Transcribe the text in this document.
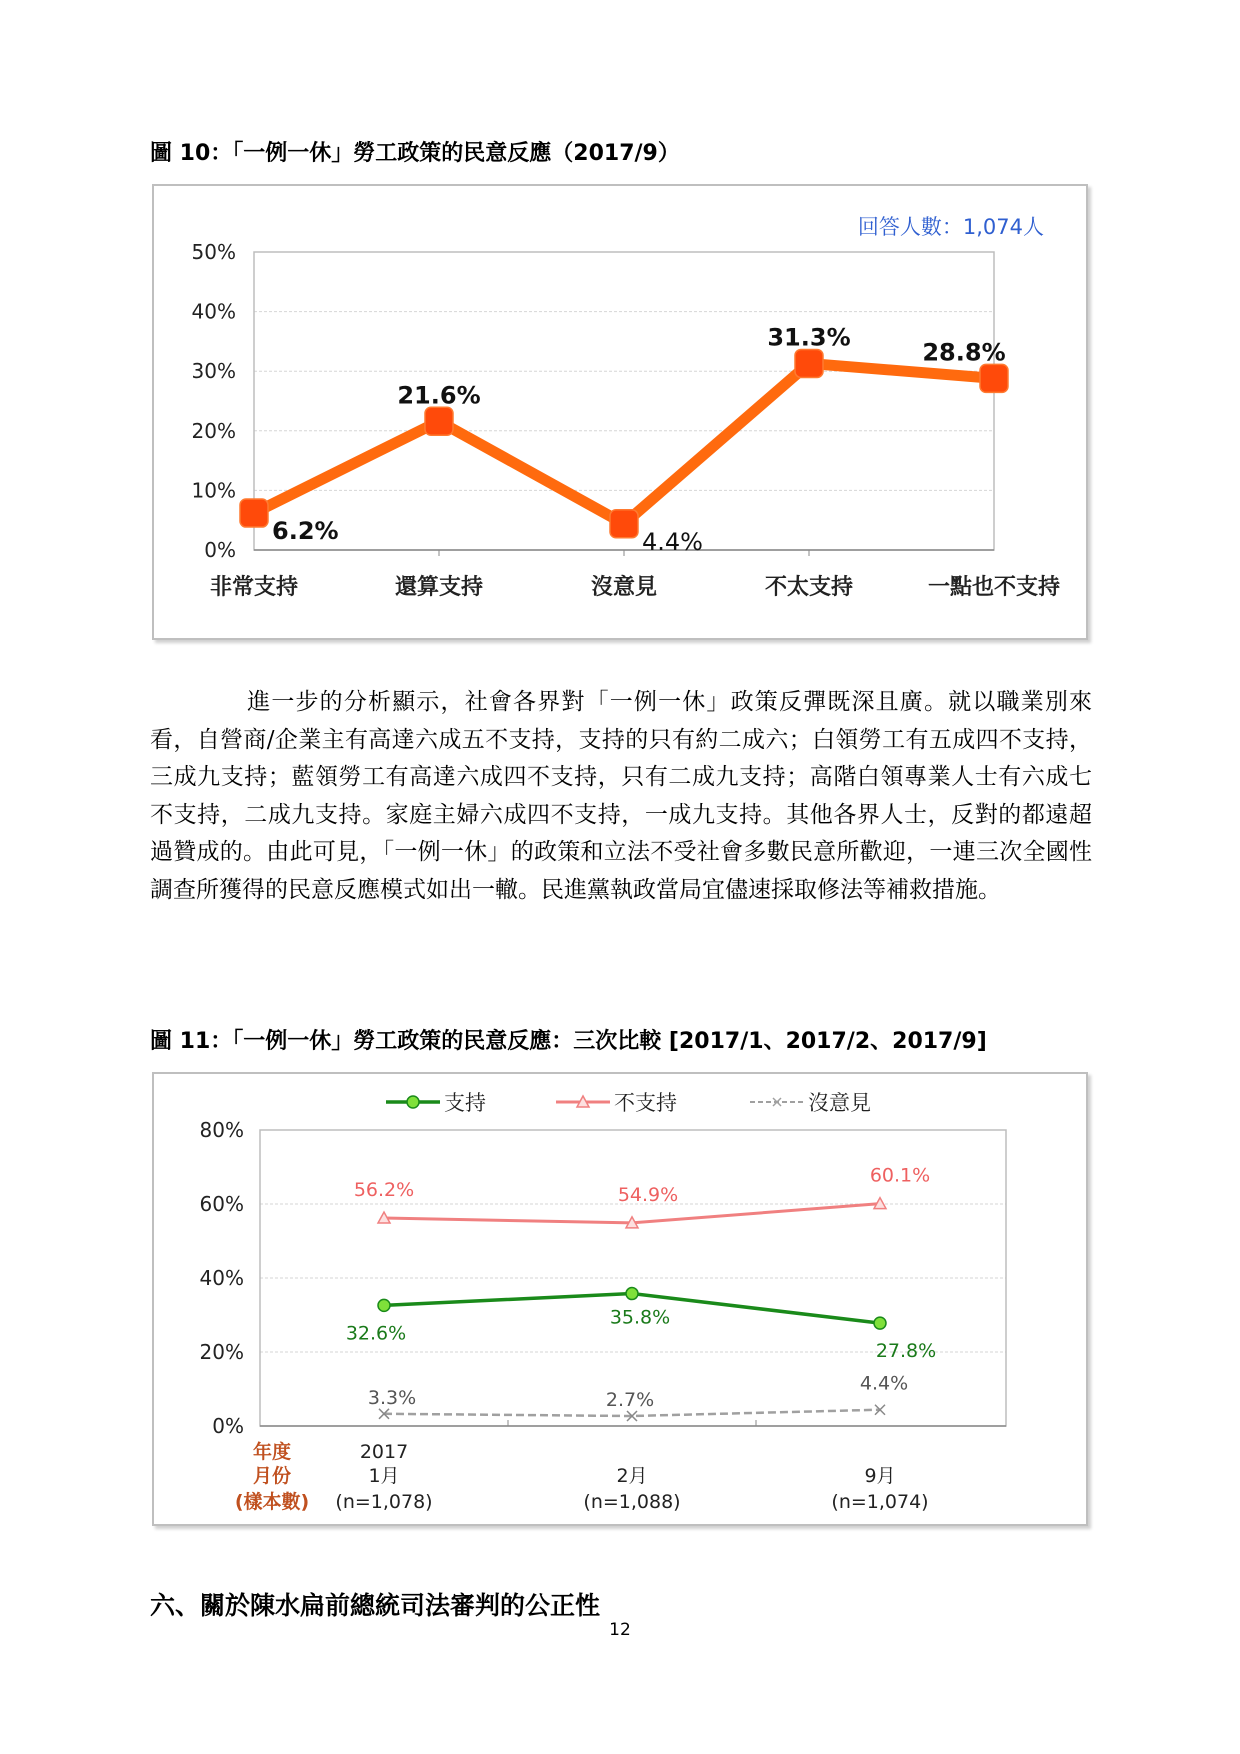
圖 10：「一例一休」勞工政策的民意反應（2017/9）
回答人數：1,074人
0%
10%
20%
30%
40%
50%
6.2%
非常支持
21.6%
還算支持
4.4%
沒意見
31.3%
不太支持
28.8%
一點也不支持
進一步的分析顯示，社會各界對「一例一休」政策反彈既深且廣。就以職業別來看，自營商/企業主有高達六成五不支持，支持的只有約二成六；白領勞工有五成四不支持，三成九支持；藍領勞工有高達六成四不支持，只有二成九支持；高階白領專業人士有六成七不支持，二成九支持。家庭主婦六成四不支持，一成九支持。其他各界人士，反對的都遠超過贊成的。由此可見，「一例一休」的政策和立法不受社會多數民意所歡迎，一連三次全國性調查所獲得的民意反應模式如出一轍。民進黨執政當局宜儘速採取修法等補救措施。
圖 11：「一例一休」勞工政策的民意反應：三次比較 [2017/1、2017/2、2017/9]
0%
20%
40%
60%
80%
支持	不支持	沒意見
32.6%
35.8%
27.8%
56.2%	54.9%
60.1%
3.3%	2.7%
4.4%
年度
月份
(樣本數)
2017
1月
(n=1,078)
2月
(n=1,088)
9月
(n=1,074)
六、關於陳水扁前總統司法審判的公正性
12
